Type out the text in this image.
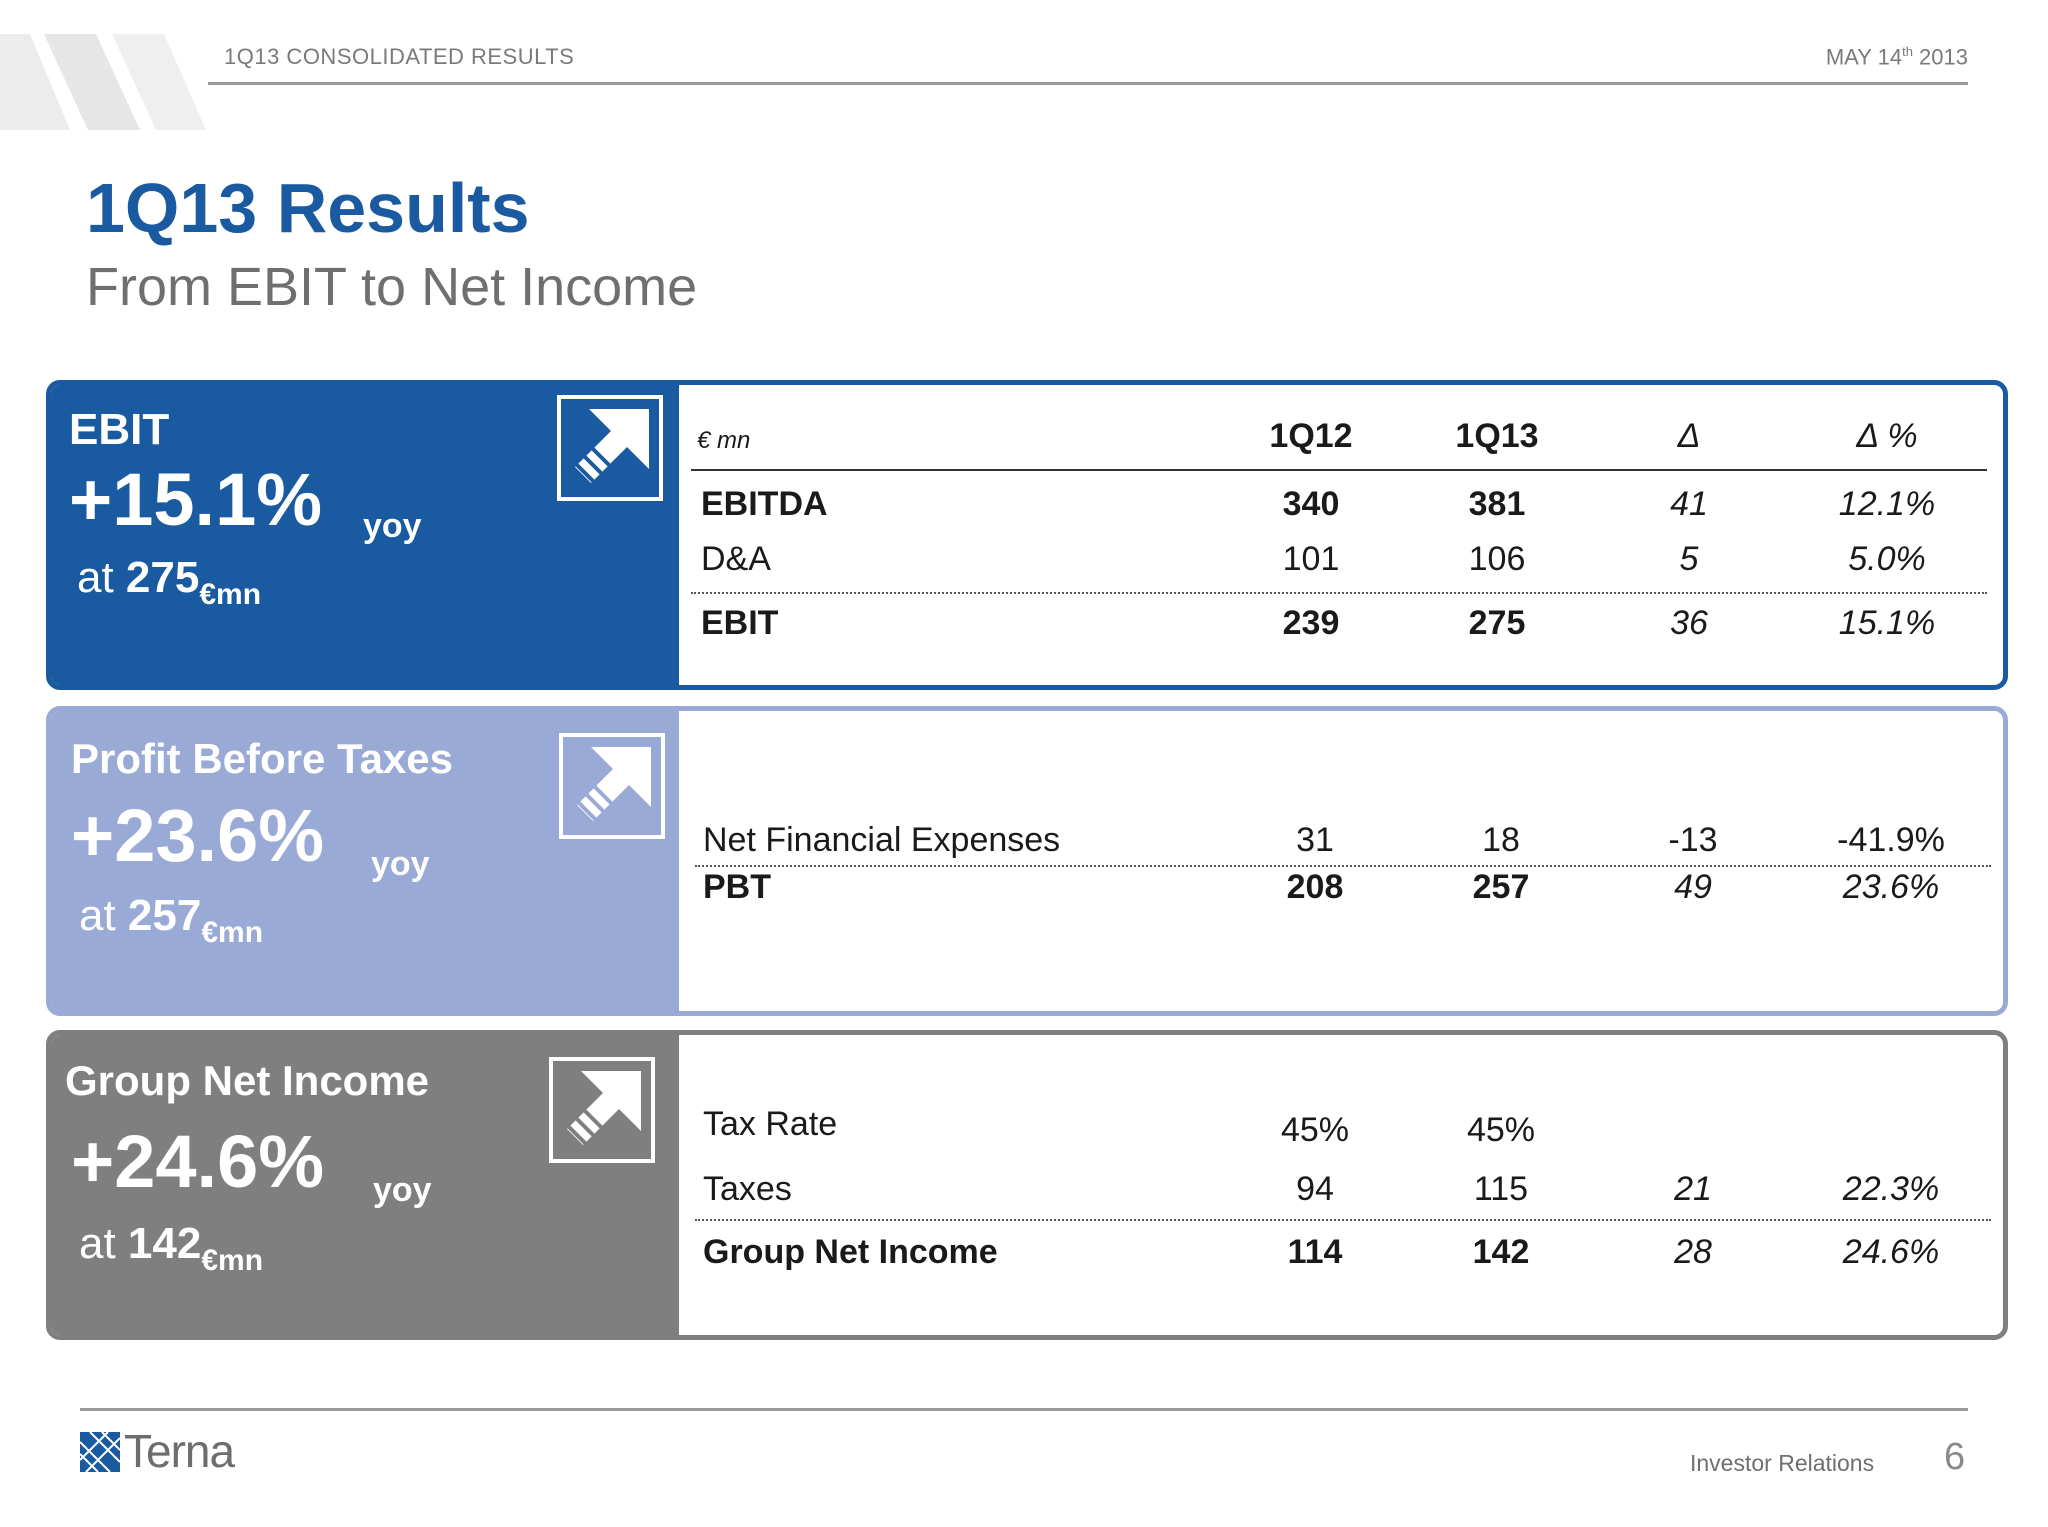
1Q13 CONSOLIDATED RESULTS	MAY 14th 2013
1Q13 Results
From EBIT to Net Income
EBIT
+15.1% yoy
at $275_{€mn}$
€ mn	1Q12	1Q13	Δ	Δ %
EBITDA	340	381	41	12.1%
D&A	101	106	5	5.0%
EBIT	239	275	36	15.1%
Profit Before Taxes
+23.6% yoy
at $257_{€mn}$
Net Financial Expenses	31	18	-13	-41.9%
PBT	208	257	49	23.6%
Group Net Income
+24.6% yoy
at $142_{€mn}$
Tax Rate	45%	45%
Taxes	94	115	21	22.3%
Group Net Income	114	142	28	24.6%
Terna	Investor Relations 6
